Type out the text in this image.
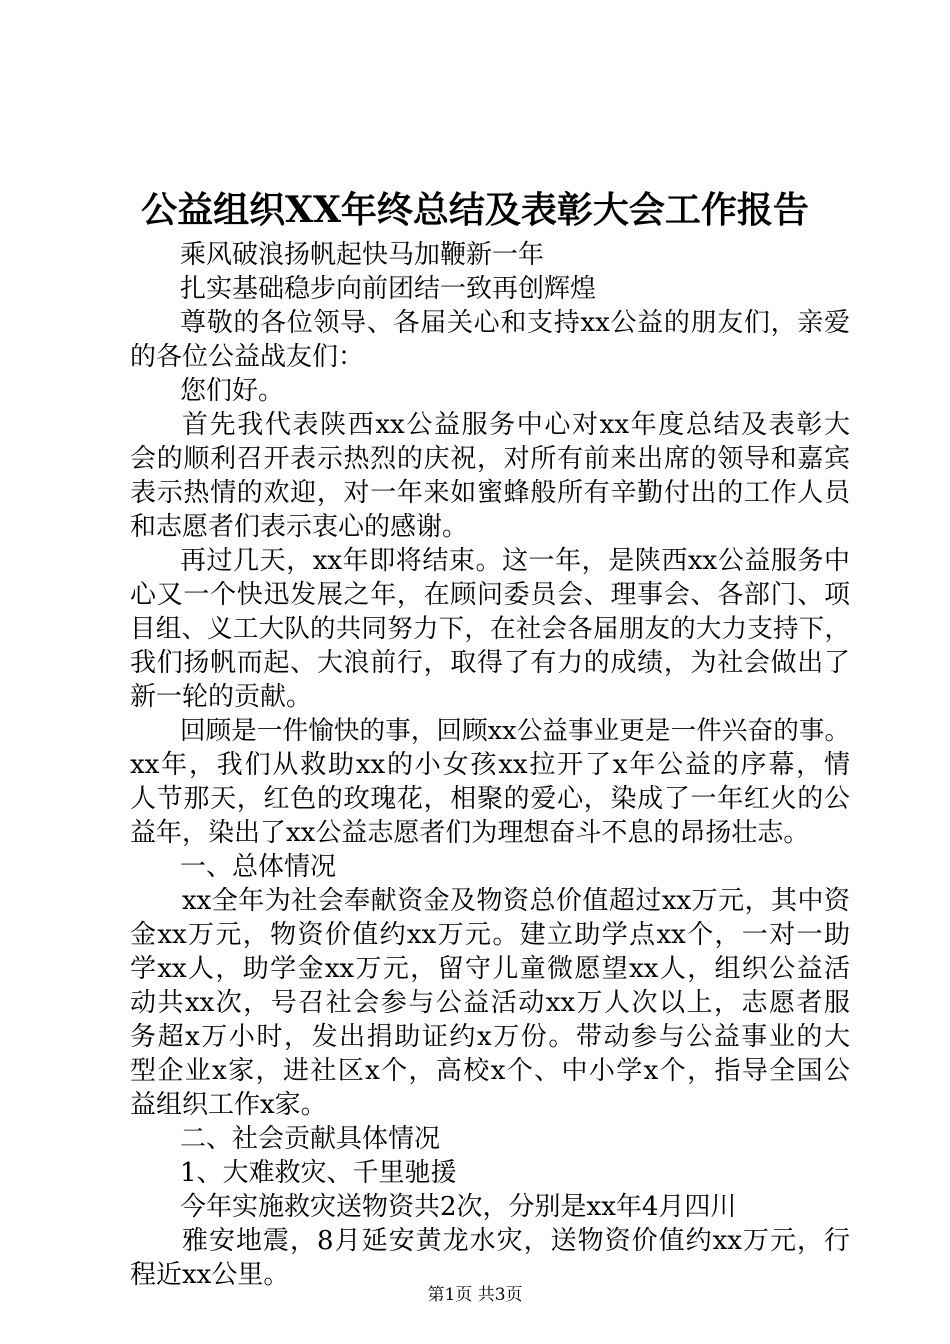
公益组织XX年终总结及表彰大会工作报告
乘风破浪扬帆起快马加鞭新一年
扎实基础稳步向前团结一致再创辉煌
尊敬的各位领导、各届关心和支持xx公益的朋友们，亲爱
的各位公益战友们：
您们好。
首先我代表陕西xx公益服务中心对xx年度总结及表彰大
会的顺利召开表示热烈的庆祝，对所有前来出席的领导和嘉宾
表示热情的欢迎，对一年来如蜜蜂般所有辛勤付出的工作人员
和志愿者们表示衷心的感谢。
再过几天，xx年即将结束。这一年，是陕西xx公益服务中
心又一个快迅发展之年，在顾问委员会、理事会、各部门、项
目组、义工大队的共同努力下，在社会各届朋友的大力支持下，
我们扬帆而起、大浪前行，取得了有力的成绩，为社会做出了
新一轮的贡献。
回顾是一件愉快的事，回顾xx公益事业更是一件兴奋的事。
xx年，我们从救助xx的小女孩xx拉开了x年公益的序幕，情
人节那天，红色的玫瑰花，相聚的爱心，染成了一年红火的公
益年，染出了xx公益志愿者们为理想奋斗不息的昂扬壮志。
一、总体情况
xx全年为社会奉献资金及物资总价值超过xx万元，其中资
金xx万元，物资价值约xx万元。建立助学点xx个，一对一助
学xx人，助学金xx万元，留守儿童微愿望xx人，组织公益活
动共xx次，号召社会参与公益活动xx万人次以上，志愿者服
务超x万小时，发出捐助证约x万份。带动参与公益事业的大
型企业x家，进社区x个，高校x个、中小学x个，指导全国公
益组织工作x家。
二、社会贡献具体情况
1、大难救灾、千里驰援
今年实施救灾送物资共2次，分别是xx年4月四川
雅安地震，8月延安黄龙水灾，送物资价值约xx万元，行
程近xx公里。
第1页 共3页
